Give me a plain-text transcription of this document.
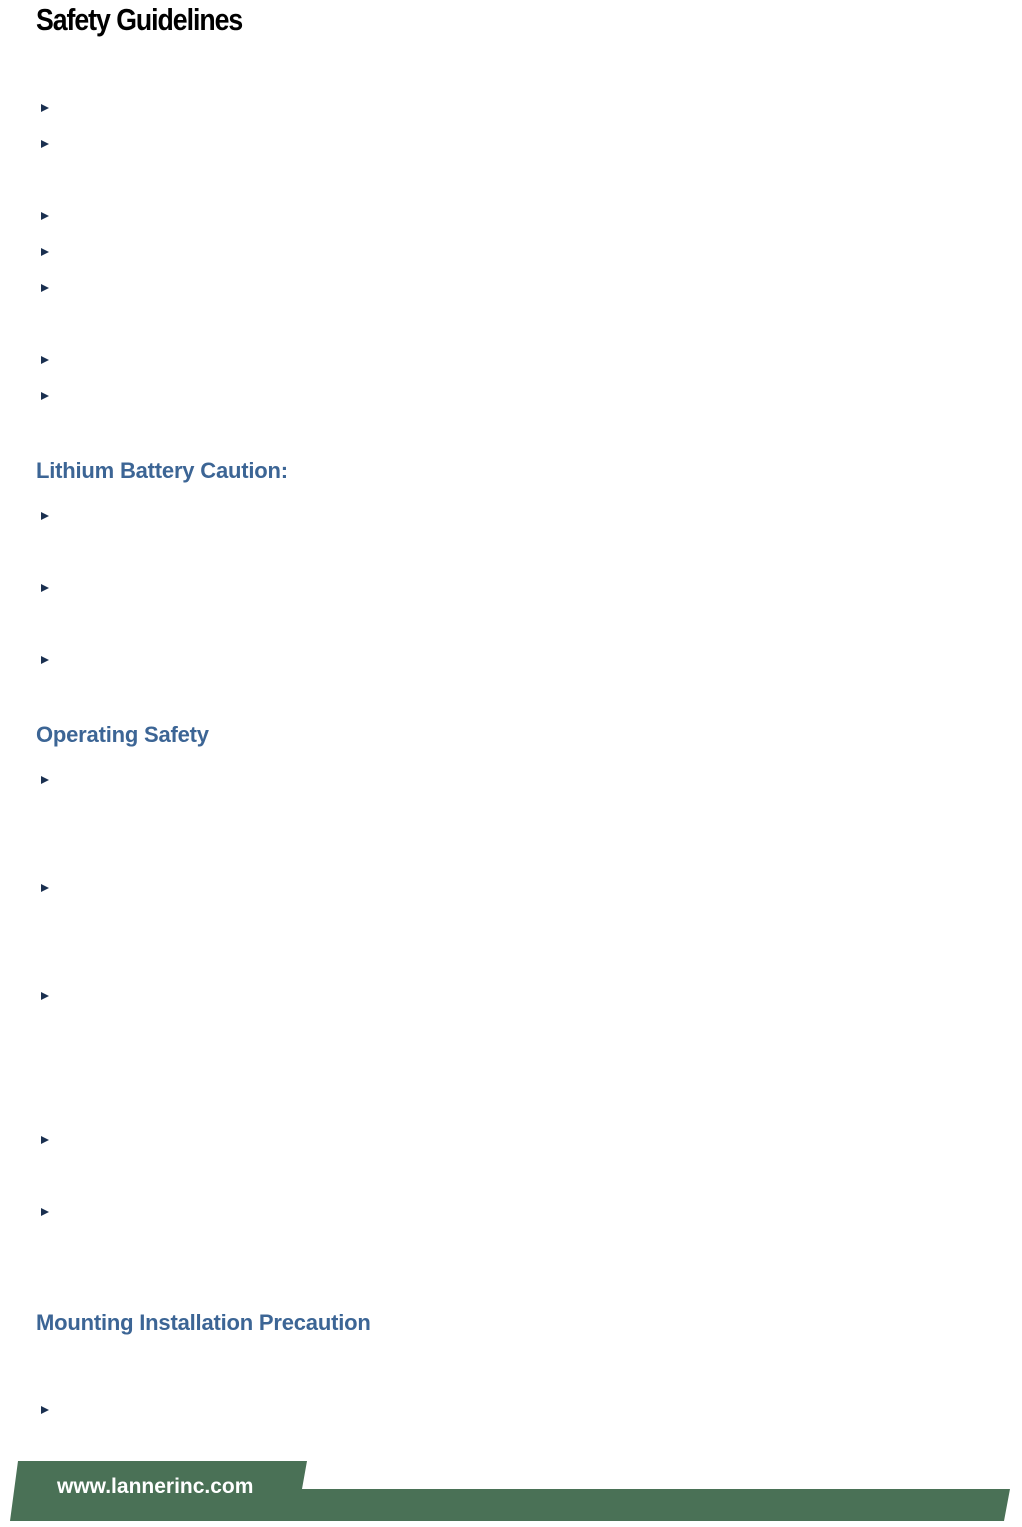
Safety Guidelines
Lithium Battery Caution:
Operating Safety
Mounting Installation Precaution
www.lannerinc.com
